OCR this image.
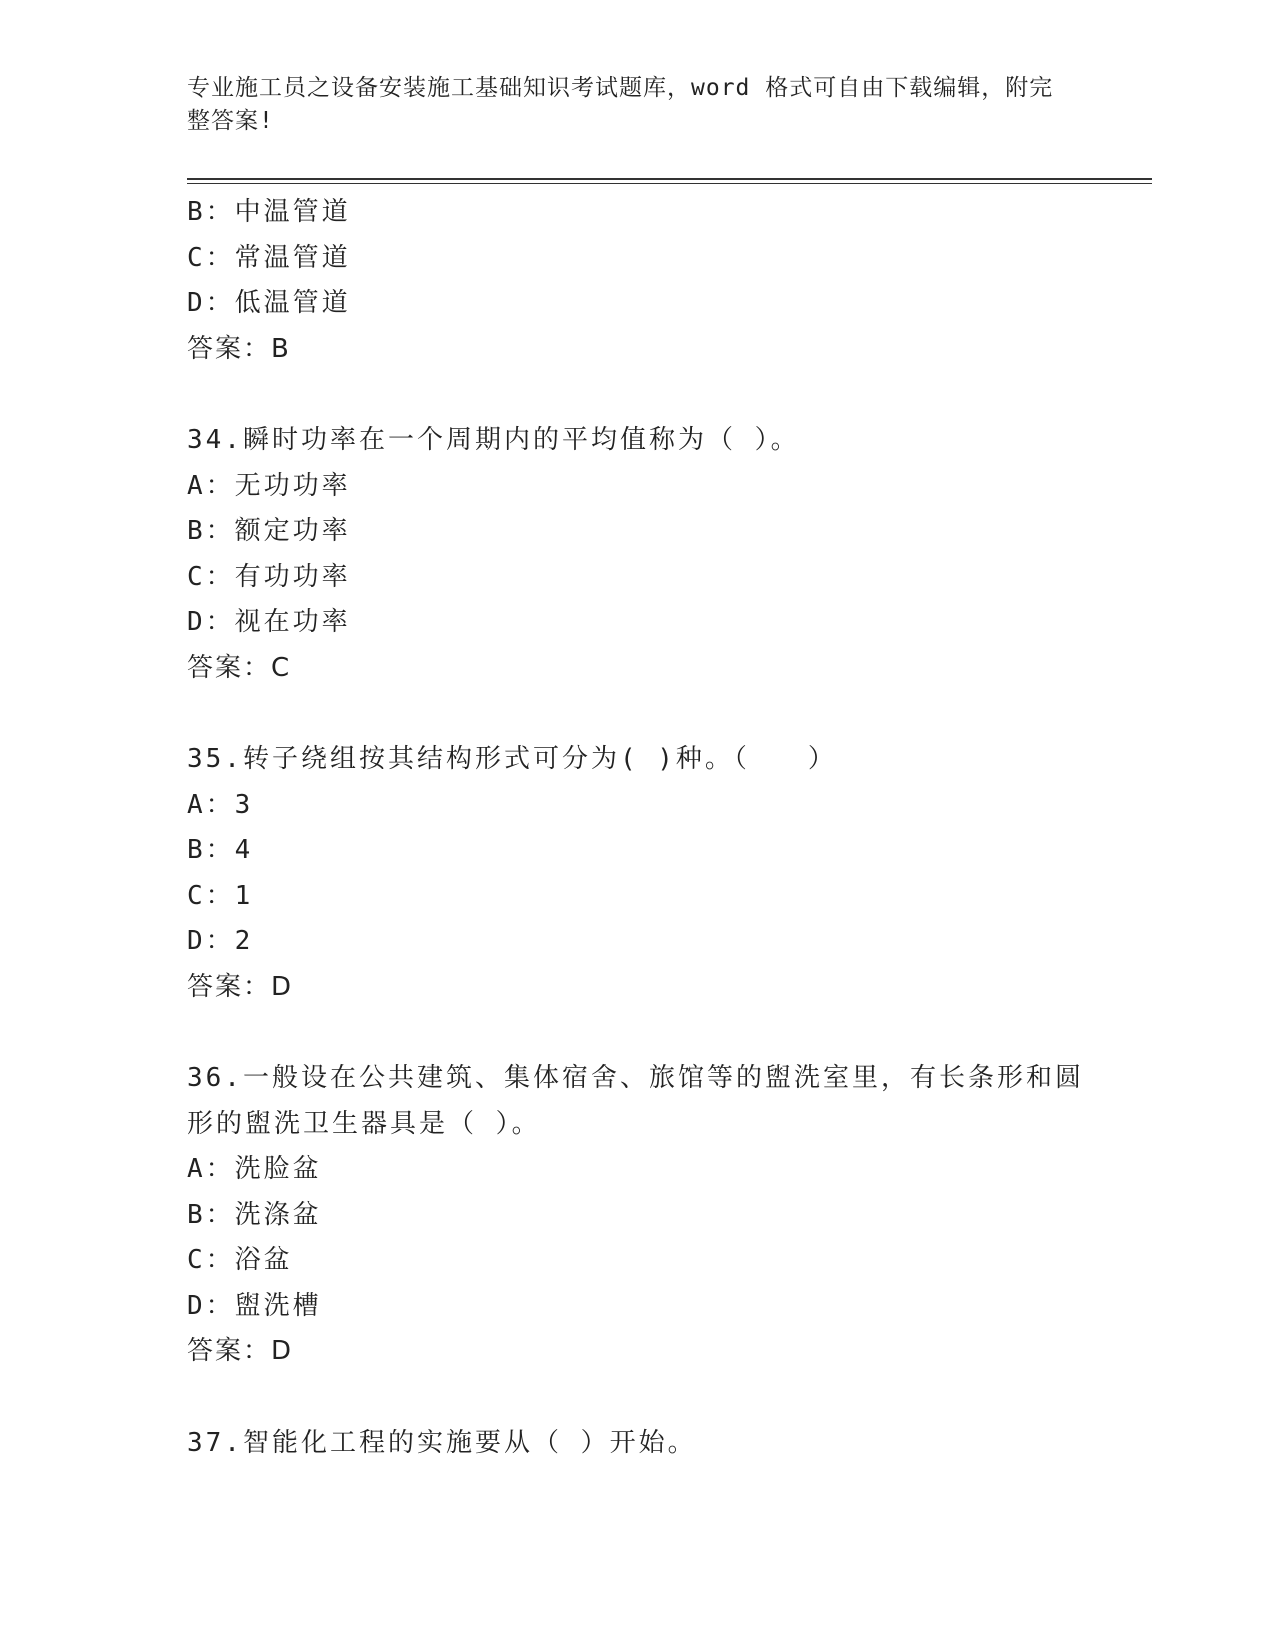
专业施工员之设备安装施工基础知识考试题库，word 格式可自由下载编辑，附完整答案!
B：中温管道
C：常温管道
D：低温管道
答案：B
34.瞬时功率在一个周期内的平均值称为（ ）。
A：无功功率
B：额定功率
C：有功功率
D：视在功率
答案：C
35.转子绕组按其结构形式可分为( )种。（　　）
A：3
B：4
C：1
D：2
答案：D
36.一般设在公共建筑、集体宿舍、旅馆等的盥洗室里，有长条形和圆
形的盥洗卫生器具是（ ）。
A：洗脸盆
B：洗涤盆
C：浴盆
D：盥洗槽
答案：D
37.智能化工程的实施要从（ ）开始。
